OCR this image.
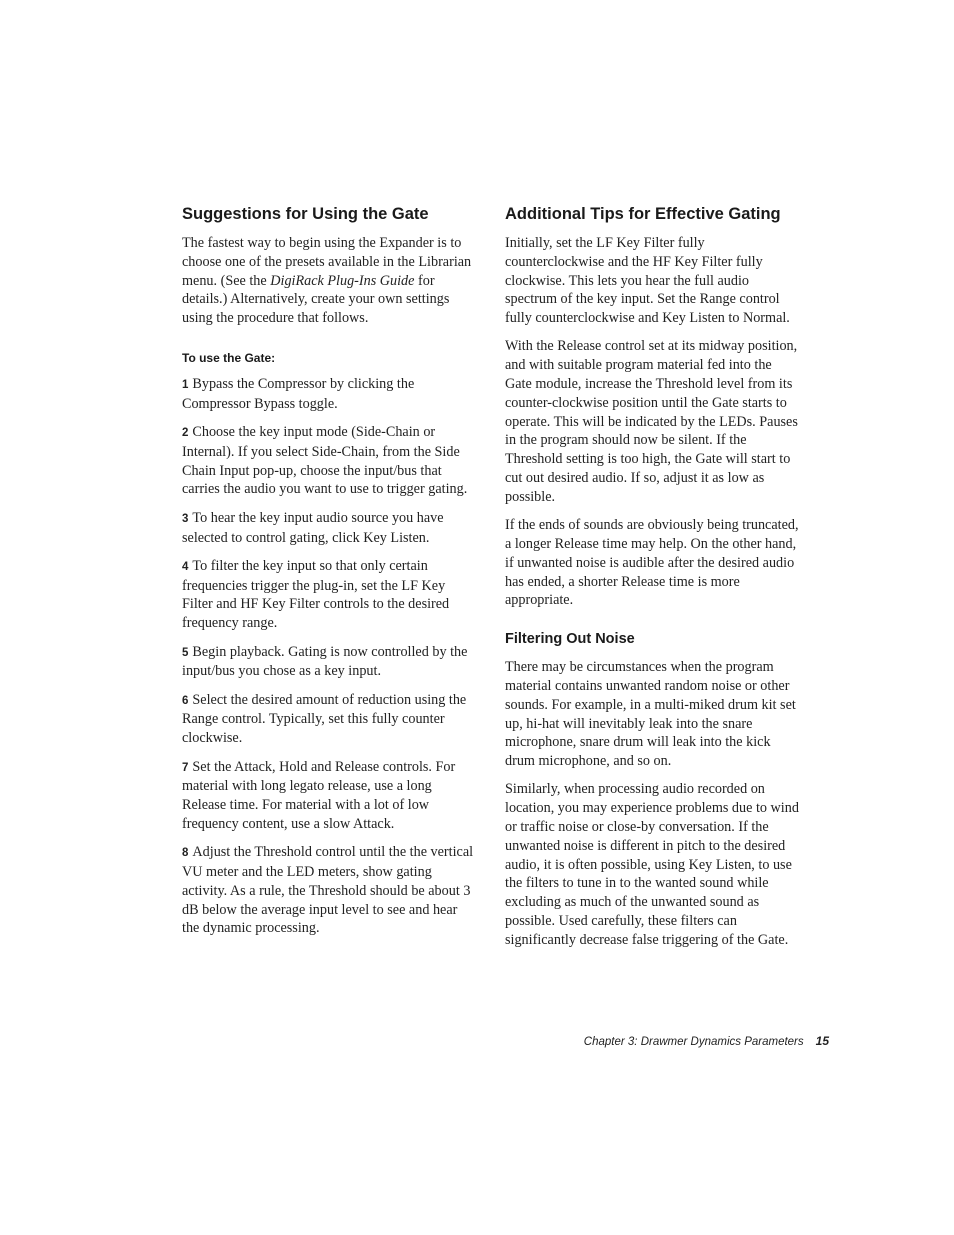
Suggestions for Using the Gate

The fastest way to begin using the Expander is to choose one of the presets available in the Librarian menu. (See the DigiRack Plug-Ins Guide for details.) Alternatively, create your own settings using the procedure that follows.

To use the Gate:

1 Bypass the Compressor by clicking the Compressor Bypass toggle.

2 Choose the key input mode (Side-Chain or Internal). If you select Side-Chain, from the Side Chain Input pop-up, choose the input/bus that carries the audio you want to use to trigger gating.

3 To hear the key input audio source you have selected to control gating, click Key Listen.

4 To filter the key input so that only certain frequencies trigger the plug-in, set the LF Key Filter and HF Key Filter controls to the desired frequency range.

5 Begin playback. Gating is now controlled by the input/bus you chose as a key input.

6 Select the desired amount of reduction using the Range control. Typically, set this fully counter clockwise.

7 Set the Attack, Hold and Release controls. For material with long legato release, use a long Release time. For material with a lot of low frequency content, use a slow Attack.

8 Adjust the Threshold control until the the vertical VU meter and the LED meters, show gating activity. As a rule, the Threshold should be about 3 dB below the average input level to see and hear the dynamic processing.

Additional Tips for Effective Gating

Initially, set the LF Key Filter fully counterclockwise and the HF Key Filter fully clockwise. This lets you hear the full audio spectrum of the key input. Set the Range control fully counterclockwise and Key Listen to Normal.

With the Release control set at its midway position, and with suitable program material fed into the Gate module, increase the Threshold level from its counter-clockwise position until the Gate starts to operate. This will be indicated by the LEDs. Pauses in the program should now be silent. If the Threshold setting is too high, the Gate will start to cut out desired audio. If so, adjust it as low as possible.

If the ends of sounds are obviously being truncated, a longer Release time may help. On the other hand, if unwanted noise is audible after the desired audio has ended, a shorter Release time is more appropriate.

Filtering Out Noise

There may be circumstances when the program material contains unwanted random noise or other sounds. For example, in a multi-miked drum kit set up, hi-hat will inevitably leak into the snare microphone, snare drum will leak into the kick drum microphone, and so on.

Similarly, when processing audio recorded on location, you may experience problems due to wind or traffic noise or close-by conversation. If the unwanted noise is different in pitch to the desired audio, it is often possible, using Key Listen, to use the filters to tune in to the wanted sound while excluding as much of the unwanted sound as possible. Used carefully, these filters can significantly decrease false triggering of the Gate.

Chapter 3: Drawmer Dynamics Parameters 15
